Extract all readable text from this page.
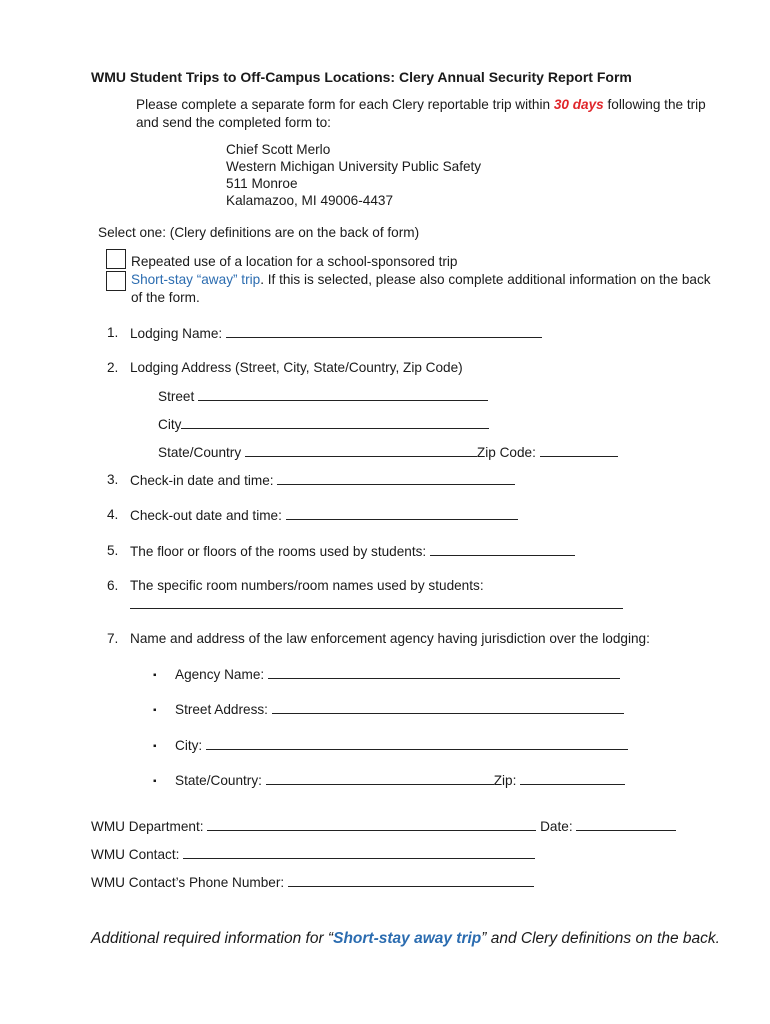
WMU Student Trips to Off-Campus Locations: Clery Annual Security Report Form
Please complete a separate form for each Clery reportable trip within 30 days following the trip
and send the completed form to:
Chief Scott Merlo
Western Michigan University Public Safety
511 Monroe
Kalamazoo, MI 49006-4437
Select one: (Clery definitions are on the back of form)
Repeated use of a location for a school-sponsored trip
Short-stay “away” trip. If this is selected, please also complete additional information on the back
of the form.
1. Lodging Name:
2. Lodging Address (Street, City, State/Country, Zip Code)
Street
City
State/Country	Zip Code:
3. Check-in date and time:
4. Check-out date and time:
5. The floor or floors of the rooms used by students:
6. The specific room numbers/room names used by students:
7. Name and address of the law enforcement agency having jurisdiction over the lodging:
▪ Agency Name:
▪ Street Address:
▪ City:
▪ State/Country:	Zip:
WMU Department:	Date:
WMU Contact:
WMU Contact’s Phone Number:
Additional required information for “Short-stay away trip” and Clery definitions on the back.
